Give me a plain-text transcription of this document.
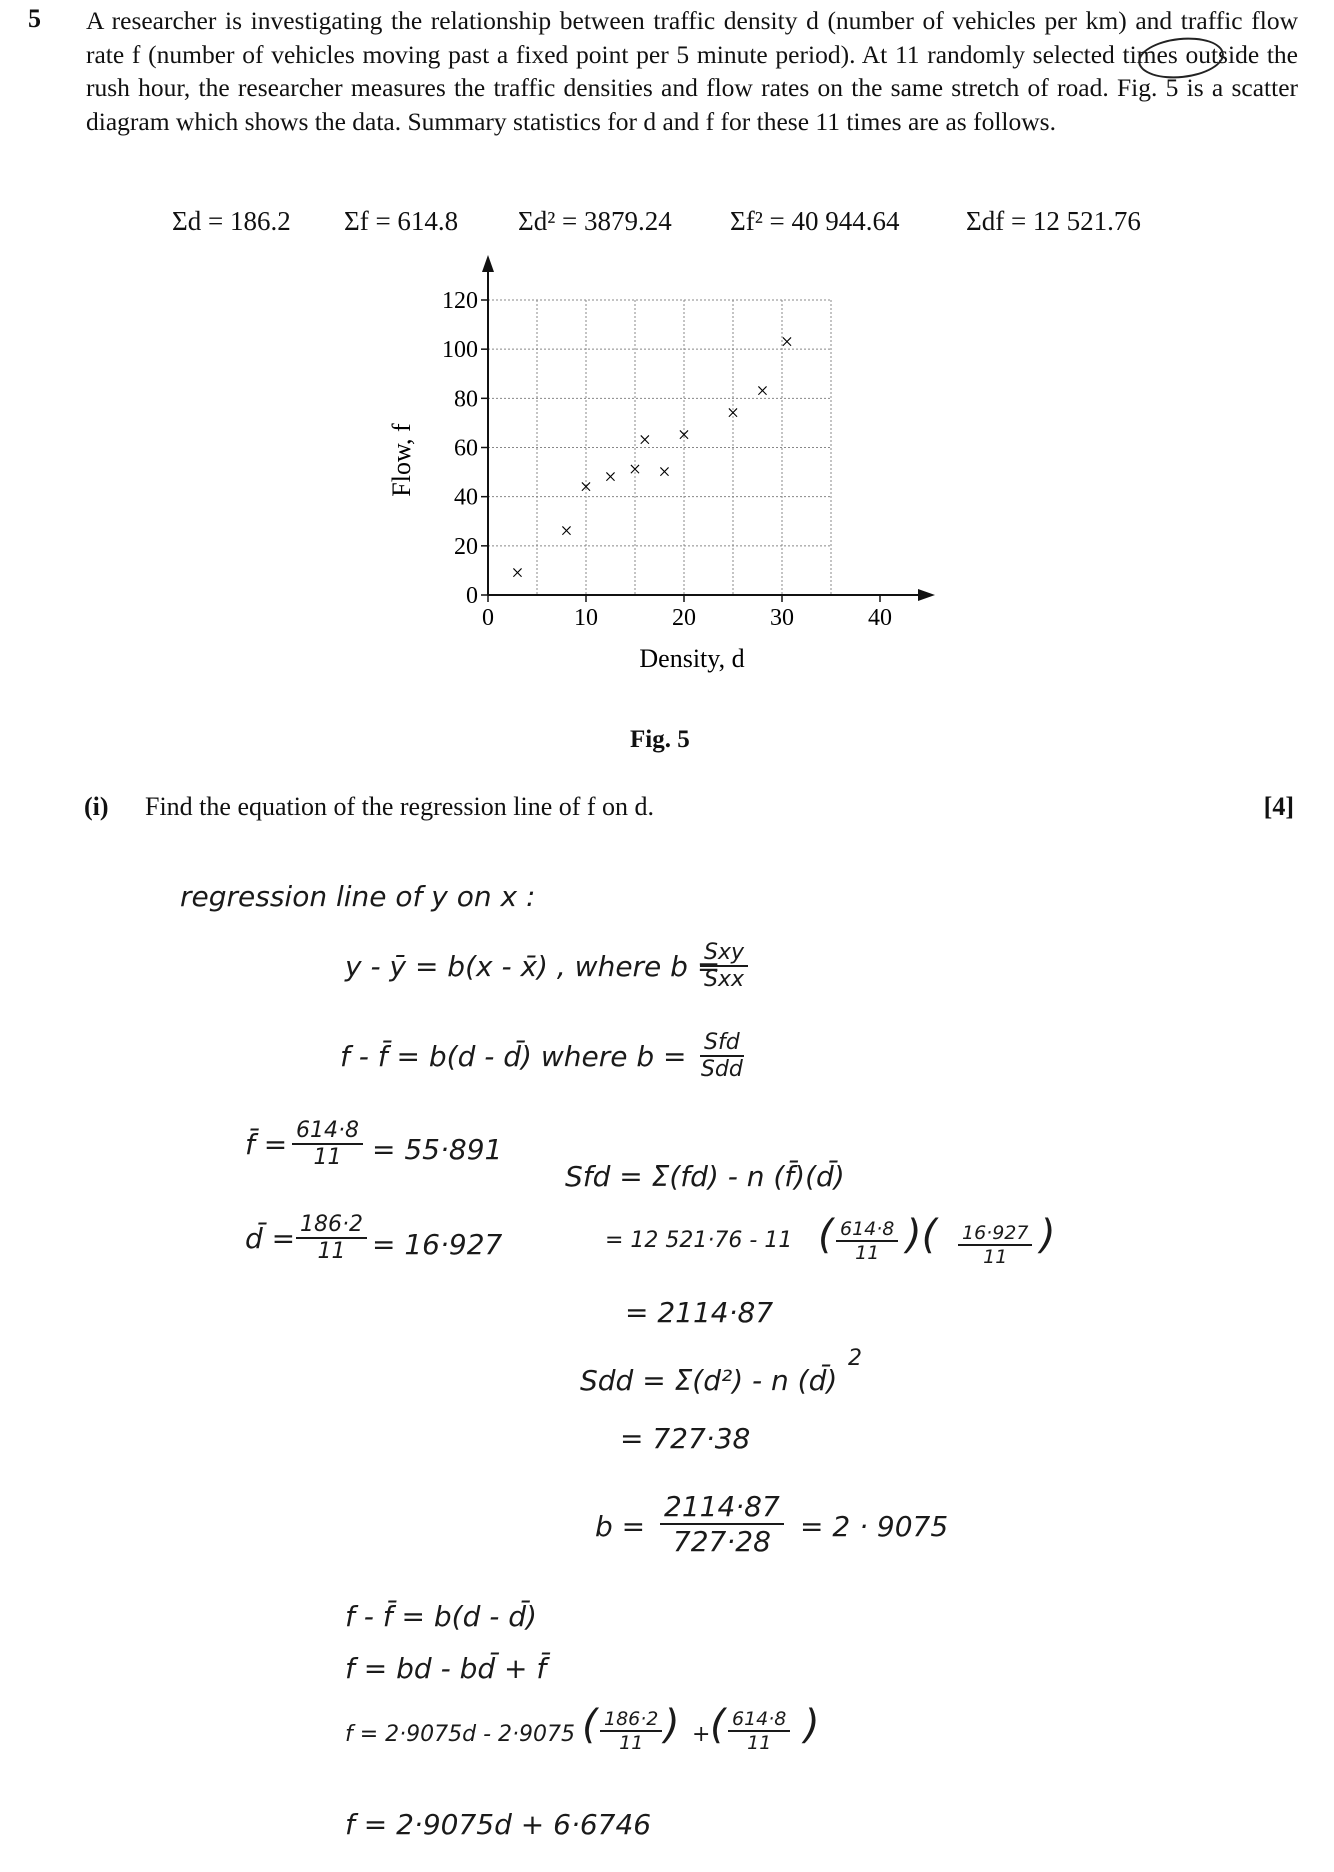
5 A researcher is investigating the relationship between traffic density d (number of vehicles per km) and traffic flow rate f (number of vehicles moving past a fixed point per 5 minute period). At 11 randomly selected times outside the rush hour, the researcher measures the traffic densities and flow rates on the same stretch of road. Fig. 5 is a scatter diagram which shows the data. Summary statistics for d and f for these 11 times are as follows.
Σd = 186.2 Σf = 614.8 Σd² = 3879.24 Σf² = 40 944.64 Σdf = 12 521.76
0
20
40
60
80
100
120
0	10	20	30	40
×
×
× × ×
×
×
×
×
×
×
Density, d
Flow, f
Fig. 5
(i) Find the equation of the regression line of f on d.	[4]
regression line of y on x :
y - ȳ = b(x - x̄) , where b =
Sxy
Sxx
f - f̄ = b(d - d̄) where b = Sfd
Sdd
f̄ = $\frac{614\cdot 8}{11} = 55\cdot 891$
d̄ = $\frac{186\cdot 2}{11} = 16\cdot 927$
Sfd = Σ(fd) - n (f̄)(d̄)
= 12 521·76 - 11 ( $\frac{614\cdot 8}{11}$ )( $\frac{16\cdot 927}{11}$ )
= 2114·87
Sdd = Σ(d²) - n (d̄)
2
= 727·38
$b = \frac{2114\cdot 87}{727\cdot 28} = 2 \cdot 9075$
f - f̄ = b(d - d̄)
f = bd - bd̄ + f̄
f = 2·9075d - 2·9075 ( $\frac{186\cdot 2}{11}$ ) + ( $\frac{614\cdot 8}{11}$ )
f = 2·9075d + 6·6746
